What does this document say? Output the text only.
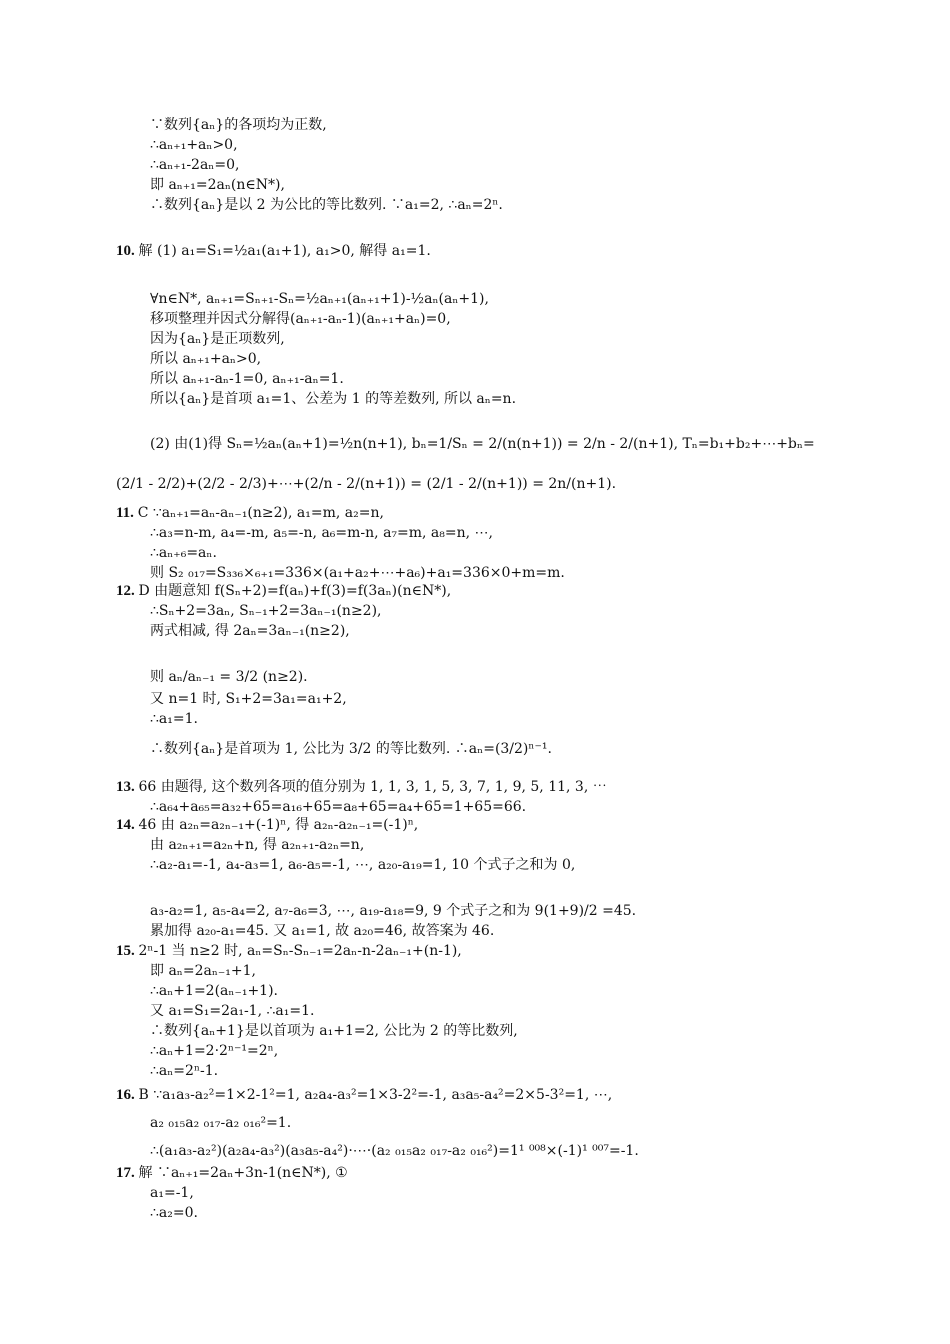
∵数列{aₙ}的各项均为正数,
∴aₙ₊₁+aₙ>0,
∴aₙ₊₁-2aₙ=0,
即 aₙ₊₁=2aₙ(n∈N*),
∴数列{aₙ}是以 2 为公比的等比数列. ∵a₁=2, ∴aₙ=2ⁿ.
10. 解 (1) a₁=S₁=½a₁(a₁+1), a₁>0, 解得 a₁=1.
∀n∈N*, aₙ₊₁=Sₙ₊₁-Sₙ=½aₙ₊₁(aₙ₊₁+1)-½aₙ(aₙ+1),
移项整理并因式分解得(aₙ₊₁-aₙ-1)(aₙ₊₁+aₙ)=0,
因为{aₙ}是正项数列,
所以 aₙ₊₁+aₙ>0,
所以 aₙ₊₁-aₙ-1=0, aₙ₊₁-aₙ=1.
所以{aₙ}是首项 a₁=1、公差为 1 的等差数列, 所以 aₙ=n.
(2) 由(1)得 Sₙ=½aₙ(aₙ+1)=½n(n+1), bₙ=1/Sₙ = 2/(n(n+1)) = 2/n - 2/(n+1), Tₙ=b₁+b₂+⋯+bₙ=
(2/1 - 2/2)+(2/2 - 2/3)+⋯+(2/n - 2/(n+1)) = (2/1 - 2/(n+1)) = 2n/(n+1).
11. C ∵aₙ₊₁=aₙ-aₙ₋₁(n≥2), a₁=m, a₂=n,
∴a₃=n-m, a₄=-m, a₅=-n, a₆=m-n, a₇=m, a₈=n, ⋯,
∴aₙ₊₆=aₙ.
则 S₂ ₀₁₇=S₃₃₆×₆₊₁=336×(a₁+a₂+⋯+a₆)+a₁=336×0+m=m.
12. D 由题意知 f(Sₙ+2)=f(aₙ)+f(3)=f(3aₙ)(n∈N*),
∴Sₙ+2=3aₙ, Sₙ₋₁+2=3aₙ₋₁(n≥2),
两式相减, 得 2aₙ=3aₙ₋₁(n≥2),
则 aₙ/aₙ₋₁ = 3/2 (n≥2).
又 n=1 时, S₁+2=3a₁=a₁+2,
∴a₁=1.
∴数列{aₙ}是首项为 1, 公比为 3/2 的等比数列. ∴aₙ=(3/2)ⁿ⁻¹.
13. 66 由题得, 这个数列各项的值分别为 1, 1, 3, 1, 5, 3, 7, 1, 9, 5, 11, 3, ⋯
∴a₆₄+a₆₅=a₃₂+65=a₁₆+65=a₈+65=a₄+65=1+65=66.
14. 46 由 a₂ₙ=a₂ₙ₋₁+(-1)ⁿ, 得 a₂ₙ-a₂ₙ₋₁=(-1)ⁿ,
由 a₂ₙ₊₁=a₂ₙ+n, 得 a₂ₙ₊₁-a₂ₙ=n,
∴a₂-a₁=-1, a₄-a₃=1, a₆-a₅=-1, ⋯, a₂₀-a₁₉=1, 10 个式子之和为 0,
a₃-a₂=1, a₅-a₄=2, a₇-a₆=3, ⋯, a₁₉-a₁₈=9, 9 个式子之和为 9(1+9)/2 =45.
累加得 a₂₀-a₁=45. 又 a₁=1, 故 a₂₀=46, 故答案为 46.
15. 2ⁿ-1 当 n≥2 时, aₙ=Sₙ-Sₙ₋₁=2aₙ-n-2aₙ₋₁+(n-1),
即 aₙ=2aₙ₋₁+1,
∴aₙ+1=2(aₙ₋₁+1).
又 a₁=S₁=2a₁-1, ∴a₁=1.
∴数列{aₙ+1}是以首项为 a₁+1=2, 公比为 2 的等比数列,
∴aₙ+1=2·2ⁿ⁻¹=2ⁿ,
∴aₙ=2ⁿ-1.
16. B ∵a₁a₃-a₂²=1×2-1²=1, a₂a₄-a₃²=1×3-2²=-1, a₃a₅-a₄²=2×5-3²=1, ⋯,
a₂ ₀₁₅a₂ ₀₁₇-a₂ ₀₁₆²=1.
∴(a₁a₃-a₂²)(a₂a₄-a₃²)(a₃a₅-a₄²)·⋯·(a₂ ₀₁₅a₂ ₀₁₇-a₂ ₀₁₆²)=1¹ ⁰⁰⁸×(-1)¹ ⁰⁰⁷=-1.
17. 解 ∵aₙ₊₁=2aₙ+3n-1(n∈N*), ①
a₁=-1,
∴a₂=0.
